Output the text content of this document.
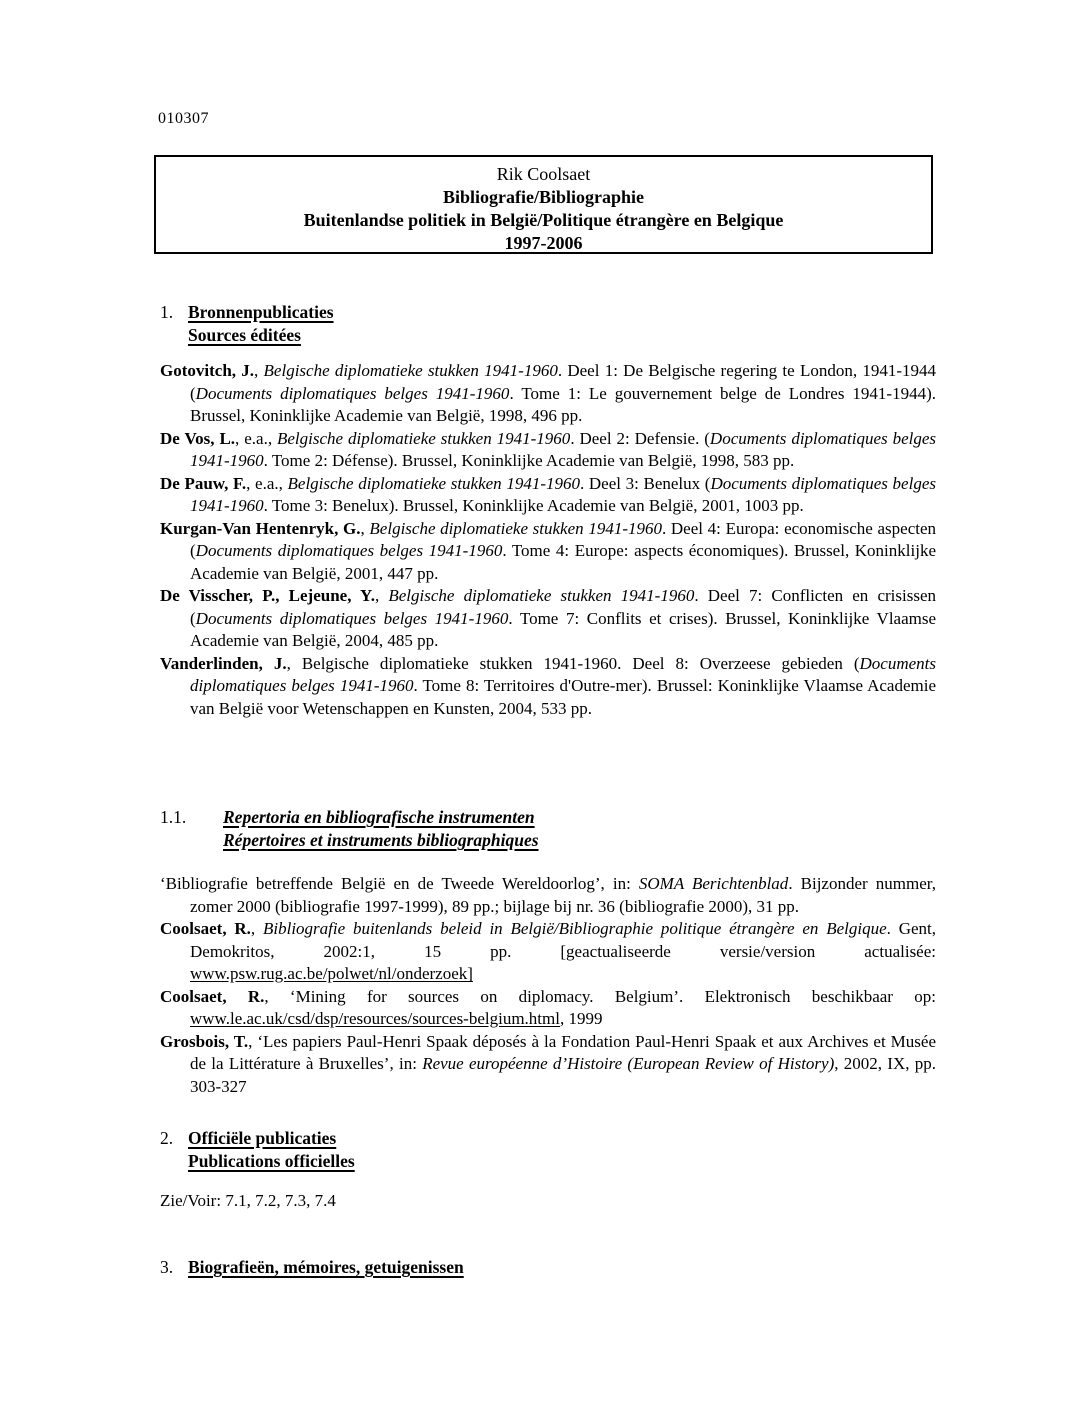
010307
Rik Coolsaet
Bibliografie/Bibliographie
Buitenlandse politiek in België/Politique étrangère en Belgique
1997-2006
1. Bronnenpublicaties
Sources éditées

Gotovitch, J., Belgische diplomatieke stukken 1941-1960. Deel 1: De Belgische regering te London, 1941-1944 (Documents diplomatiques belges 1941-1960. Tome 1: Le gouvernement belge de Londres 1941-1944). Brussel, Koninklijke Academie van België, 1998, 496 pp.

De Vos, L., e.a., Belgische diplomatieke stukken 1941-1960. Deel 2: Defensie. (Documents diplomatiques belges 1941-1960. Tome 2: Défense). Brussel, Koninklijke Academie van België, 1998, 583 pp.

De Pauw, F., e.a., Belgische diplomatieke stukken 1941-1960. Deel 3: Benelux (Documents diplomatiques belges 1941-1960. Tome 3: Benelux). Brussel, Koninklijke Academie van België, 2001, 1003 pp.

Kurgan-Van Hentenryk, G., Belgische diplomatieke stukken 1941-1960. Deel 4: Europa: economische aspecten (Documents diplomatiques belges 1941-1960. Tome 4: Europe: aspects économiques). Brussel, Koninklijke Academie van België, 2001, 447 pp.

De Visscher, P., Lejeune, Y., Belgische diplomatieke stukken 1941-1960. Deel 7: Conflicten en crisissen (Documents diplomatiques belges 1941-1960. Tome 7: Conflits et crises). Brussel, Koninklijke Vlaamse Academie van België, 2004, 485 pp.

Vanderlinden, J., Belgische diplomatieke stukken 1941-1960. Deel 8: Overzeese gebieden (Documents diplomatiques belges 1941-1960. Tome 8: Territoires d'Outre-mer). Brussel: Koninklijke Vlaamse Academie van België voor Wetenschappen en Kunsten, 2004, 533 pp.

1.1.	Repertoria en bibliografische instrumenten
Répertoires et instruments bibliographiques

‘Bibliografie betreffende België en de Tweede Wereldoorlog’, in: SOMA Berichtenblad. Bijzonder nummer, zomer 2000 (bibliografie 1997-1999), 89 pp.; bijlage bij nr. 36 (bibliografie 2000), 31 pp.

Coolsaet, R., Bibliografie buitenlands beleid in België/Bibliographie politique étrangère en Belgique. Gent, Demokritos, 2002:1, 15 pp. [geactualiseerde versie/version actualisée: www.psw.rug.ac.be/polwet/nl/onderzoek]

Coolsaet, R., ‘Mining for sources on diplomacy. Belgium’. Elektronisch beschikbaar op: www.le.ac.uk/csd/dsp/resources/sources-belgium.html, 1999

Grosbois, T., ‘Les papiers Paul-Henri Spaak déposés à la Fondation Paul-Henri Spaak et aux Archives et Musée de la Littérature à Bruxelles’, in: Revue européenne d’Histoire (European Review of History), 2002, IX, pp. 303-327

2. Officiële publicaties
Publications officielles
Zie/Voir: 7.1, 7.2, 7.3, 7.4
3. Biografieën, mémoires, getuigenissen
